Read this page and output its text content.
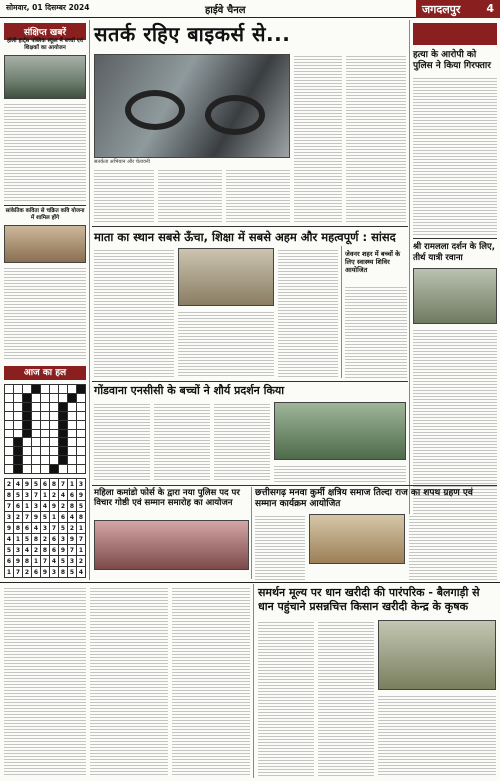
सोमवार, 01 दिसम्बर 2024	हाईवे चैनल	जगदलपुर 4
संक्षिप्त खबरें
होली हार्ट्स पब्लिक स्कूल में बच्चों एवं शिक्षकों का आयोजन
सांकेतिक कविता से चक्रित कवि योजना में शामिल होंगे
आज का हल
2 4 9 5 6 8 7 1 3
8 5 3 7 1 2 4 6 9
7 6 1 3 4 9 2 8 5
3 2 7 9 5 1 6 4 8
9 8 6 4 3 7 5 2 1
4 1 5 8 2 6 3 9 7
5 3 4 2 8 6 9 7 1
6 9 8 1 7 4 5 3 2
1 7 2 6 9 3 8 5 4
सतर्क रहिए बाइकर्स से...
सतर्कता अभियान और चेतावनी
हत्या के आरोपी को पुलिस ने किया गिरफ्तार
श्री रामलला दर्शन के लिए, तीर्थ यात्री रवाना
माता का स्थान सबसे ऊँचा, शिक्षा में सबसे अहम और महत्वपूर्ण : सांसद
जेवनर शहर में बच्चों के लिए स्वास्थ्य शिविर आयोजित
गोंडवाना एनसीसी के बच्चों ने शौर्य प्रदर्शन किया
छत्तीसगढ़ मनवा कुर्मी क्षत्रिय समाज तिल्दा राज का शपथ ग्रहण एवं सम्मान कार्यक्रम आयोजित
महिला कमांडो फोर्स के द्वारा नया पुलिस पद पर विचार गोष्ठी एवं सम्मान समारोह का आयोजन
समर्थन मूल्य पर धान खरीदी की पारंपरिक - बैलगाड़ी से धान पहुंचाने प्रसन्नचित्त किसान खरीदी केन्द्र के कृषक
